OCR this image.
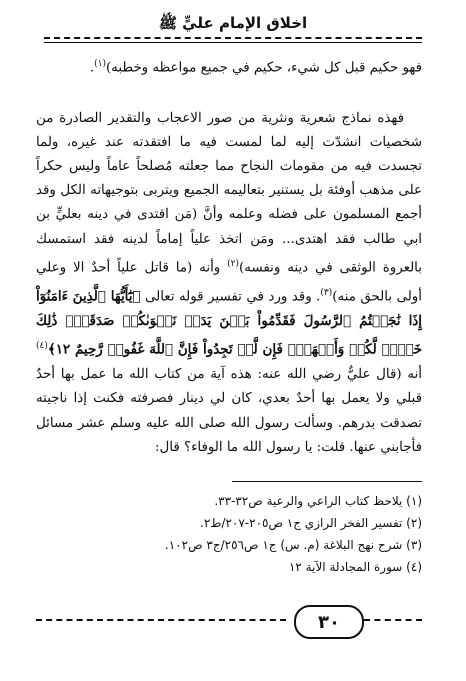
اخلاق الإمام عليٍّ ﷺ

فهو حكيم قبل كل شيء، حكيم في جميع مواعظه وخطبه)$^{(١)}$.

فهذه نماذج شعرية ونثرية من صور الاعجاب والتقدير الصادرة من شخصيات انشدّت إليه لما لمست فيه ما افتقدته عند غيره، ولما تجسدت فيه من مقومات النجاح مما جعلته مُصلحاً عاماً وليس حكراً على مذهب أوفئة بل يستنير بتعاليمه الجميع ويتربى بتوجيهاته الكل وقد أجمع المسلمون على فضله وعلمه وأنَّ (مَن اقتدى في دينه بعليٍّ بن ابي طالب فقد اهتدى... ومَن اتخذ علياً إماماً لدينه فقد استمسك بالعروة الوثقى في دينه ونفسه)$^{(٢)}$ وأنه (ما قاتل علياً أحدٌ الا وعلي أولى بالحق منه)$^{(٣)}$. وقد ورد في تفسير قوله تعالى ﴿يَٰٓأَيُّهَا ٱلَّذِينَ ءَامَنُوٓاْ إِذَا نَٰجَيۡتُمُ ٱلرَّسُولَ فَقَدِّمُواْ بَيۡنَ يَدَيۡ نَجۡوَىٰكُمۡ صَدَقَةٗۚ ذَٰلِكَ خَيۡرٞ لَّكُمۡ وَأَطۡهَرُۚ فَإِن لَّمۡ تَجِدُواْ فَإِنَّ ٱللَّهَ غَفُورٞ رَّحِيمٌ ١٢﴾$^{(٤)}$ أنه (قال عليٌّ رضي الله عنه: هذه آية من كتاب الله ما عمل بها أحدٌ قبلي ولا يعمل بها أحدٌ بعدي، كان لي دينار فصرفته فكنت إذا ناجيته تصدقت بدرهم. وسألت رسول الله صلى الله عليه وسلم عشر مسائل فأجابني عنها. قلت: يا رسول الله ما الوفاء؟ قال:

(١) يلاحظ كتاب الراعي والرعية ص٣٢-٣٣.
(٢) تفسير الفخر الرازي ج١ ص٢٠٥-٢٠٧/ط٢.
(٣) شرح نهج البلاغة (م. س) ج١ ص٢٥٦/ج٣ ص١٠٢.
(٤) سورة المجادلة الآية ١٢
٣٠
